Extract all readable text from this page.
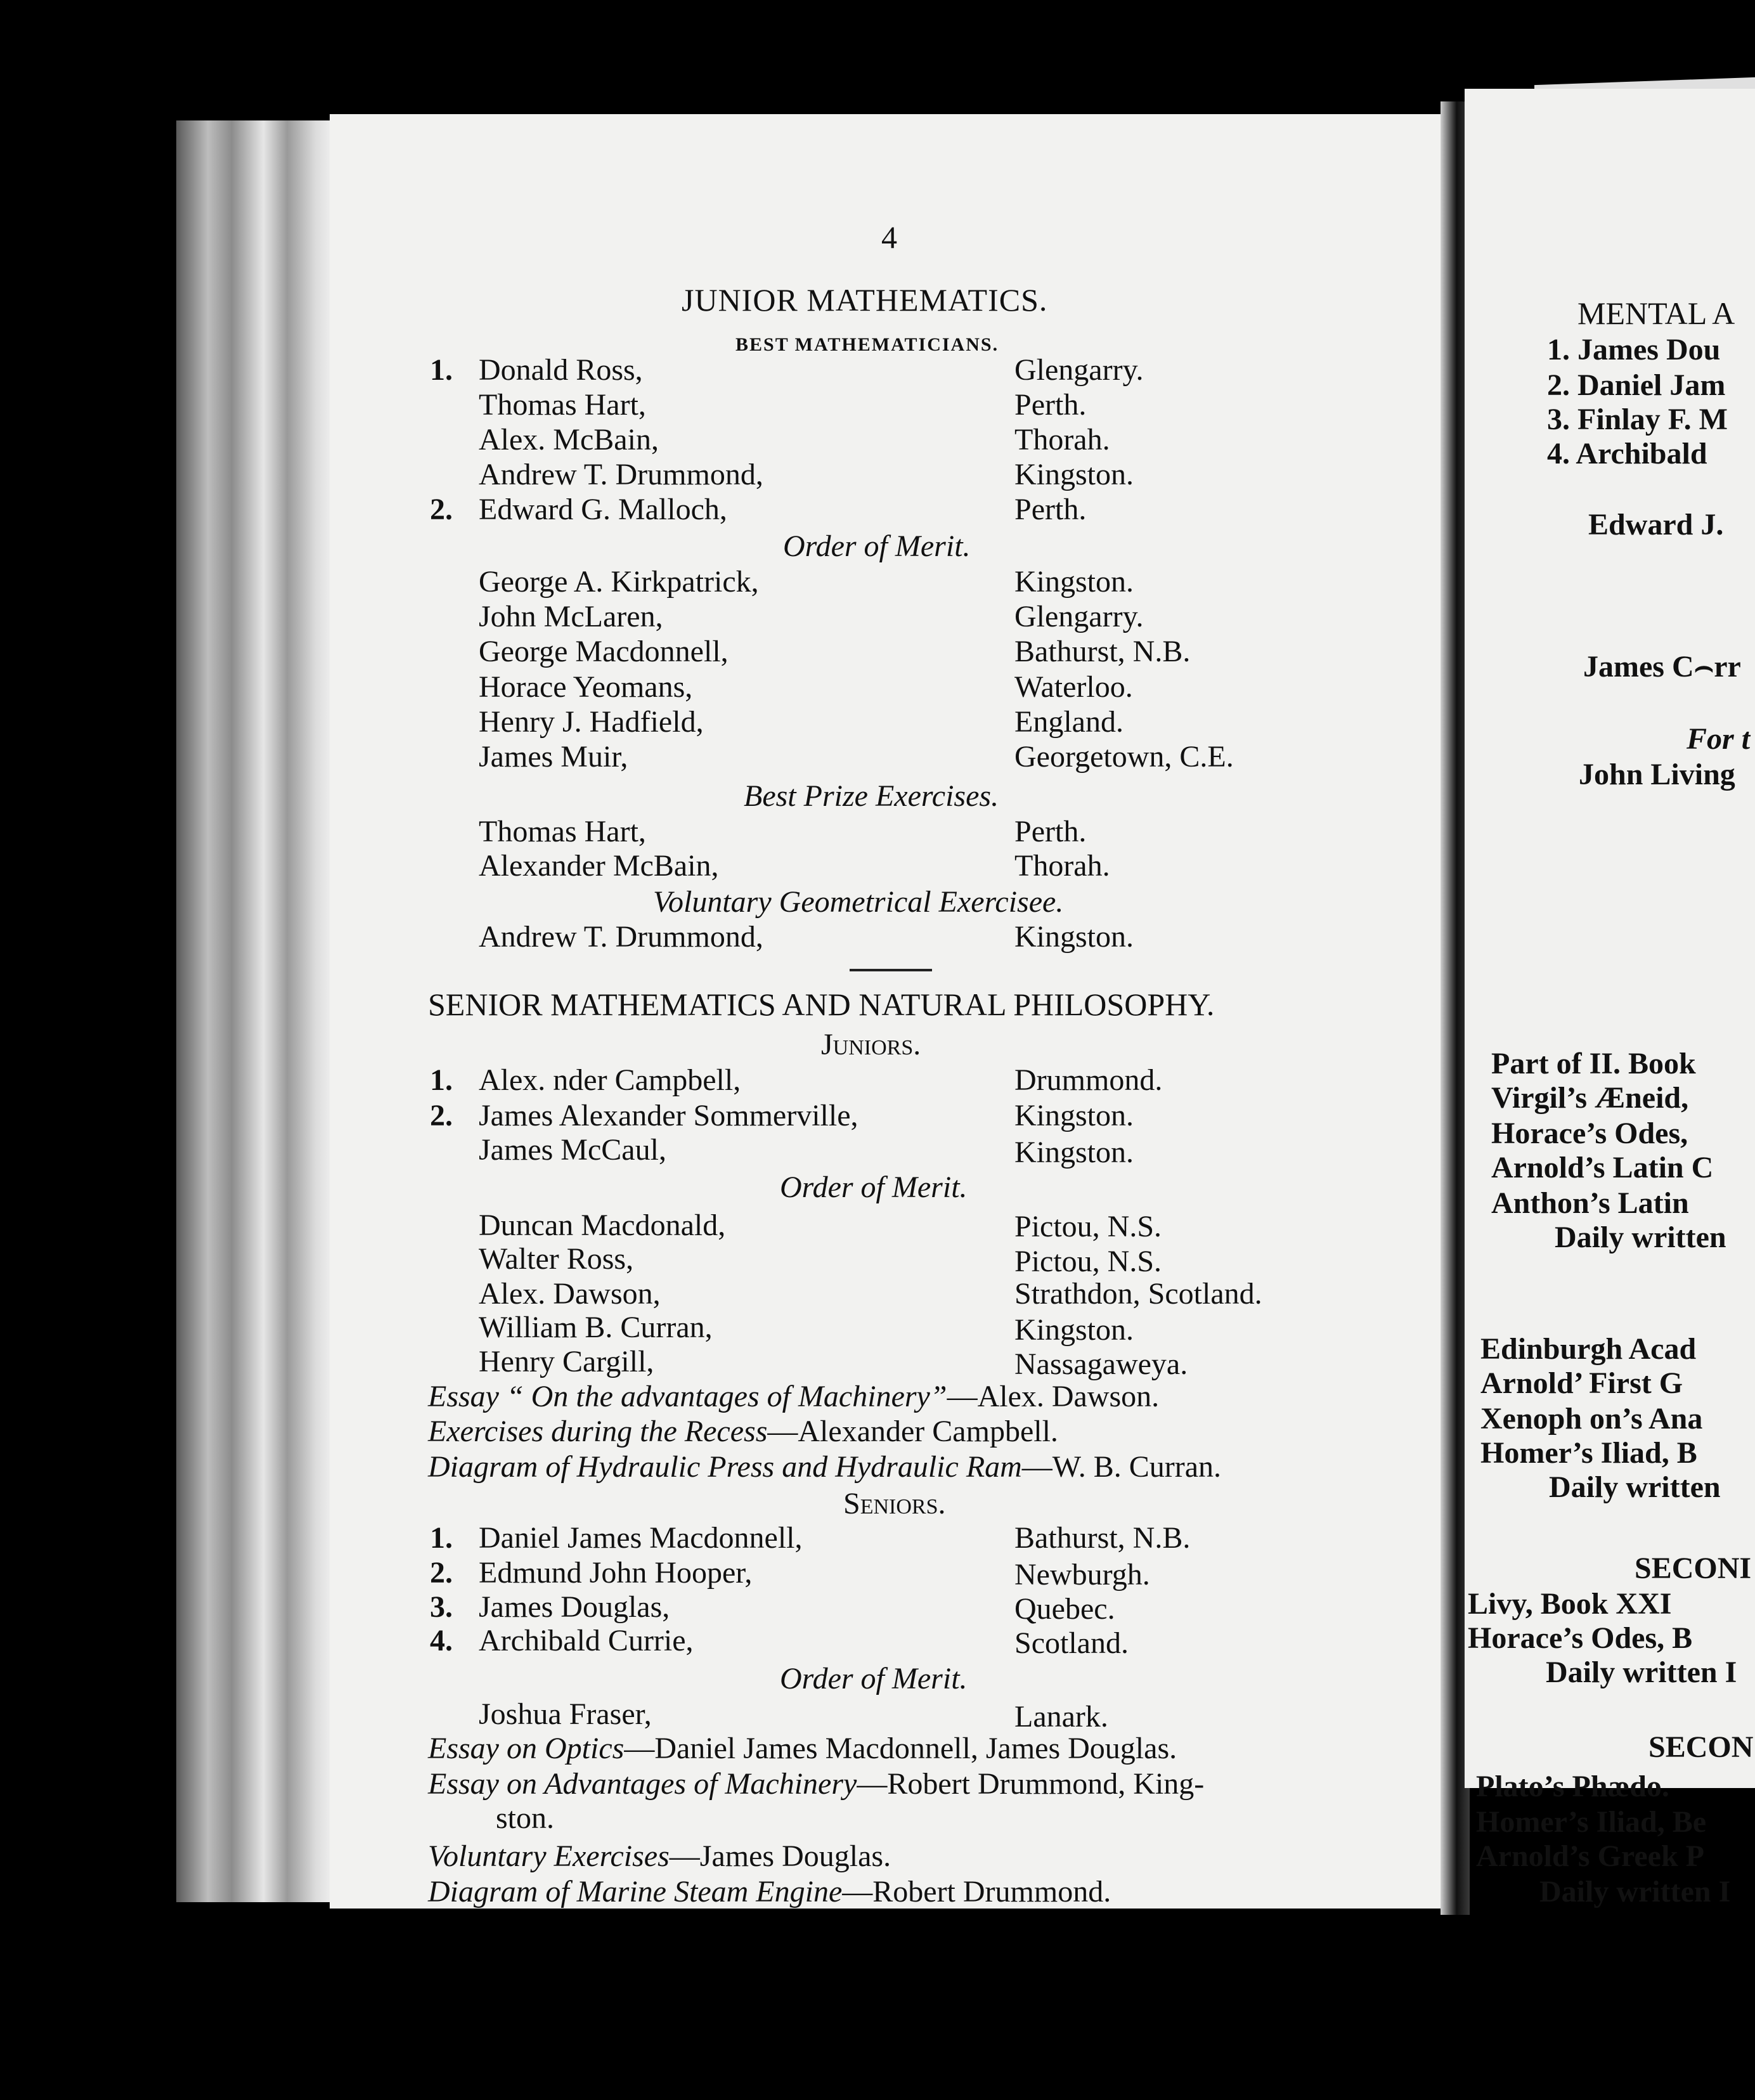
4
JUNIOR MATHEMATICS.
BEST MATHEMATICIANS.
1. Donald Ross,	Glengarry.
Thomas Hart,	Perth.
Alex. McBain,	Thorah.
Andrew T. Drummond,	Kingston.
2. Edward G. Malloch,	Perth.
Order of Merit.
George A. Kirkpatrick,	Kingston.
John McLaren,	Glengarry.
George Macdonnell,	Bathurst, N.B.
Horace Yeomans,	Waterloo.
Henry J. Hadfield,	England.
James Muir,	Georgetown, C.E.
Best Prize Exercises.
Thomas Hart,	Perth.
Alexander McBain,	Thorah.
Voluntary Geometrical Exercisee.
Andrew T. Drummond,	Kingston.
SENIOR MATHEMATICS AND NATURAL PHILOSOPHY.
Juniors.
1. Alex. nder Campbell,	Drummond.
2. James Alexander Sommerville,	Kingston.
James McCaul,	Kingston.
Order of Merit.
Duncan Macdonald,	Pictou, N.S.
Walter Ross,	Pictou, N.S.
Alex. Dawson,	Strathdon, Scotland.
William B. Curran,	Kingston.
Henry Cargill,	Nassagaweya.
Essay “ On the advantages of Machinery”—Alex. Dawson.
Exercises during the Recess—Alexander Campbell.
Diagram of Hydraulic Press and Hydraulic Ram—W. B. Curran.
Seniors.
1. Daniel James Macdonnell,	Bathurst, N.B.
2. Edmund John Hooper,	Newburgh.
3. James Douglas,	Quebec.
4. Archibald Currie,	Scotland.
Order of Merit.
Joshua Fraser,	Lanark.
Essay on Optics—Daniel James Macdonnell, James Douglas.
Essay on Advantages of Machinery—Robert Drummond, King-
ston.
Voluntary Exercises—James Douglas.
Diagram of Marine Steam Engine—Robert Drummond.
MENTAL A
1. James Dou
2. Daniel Jam
3. Finlay F. M
4. Archibald
Edward J.
James C⌢rr
For t
John Living
Part of II. Book
Virgil’s Æneid,
Horace’s Odes,
Arnold’s Latin C
Anthon’s Latin
Daily written
Edinburgh Acad
Arnold’ First G
Xenoph on’s Ana
Homer’s Iliad, B
Daily written
SECONI
Livy, Book XXI
Horace’s Odes, B
Daily written I
SECON
Plato’s Phædo.
Homer’s Iliad, Be
Arnold’s Greek P
Daily written I
